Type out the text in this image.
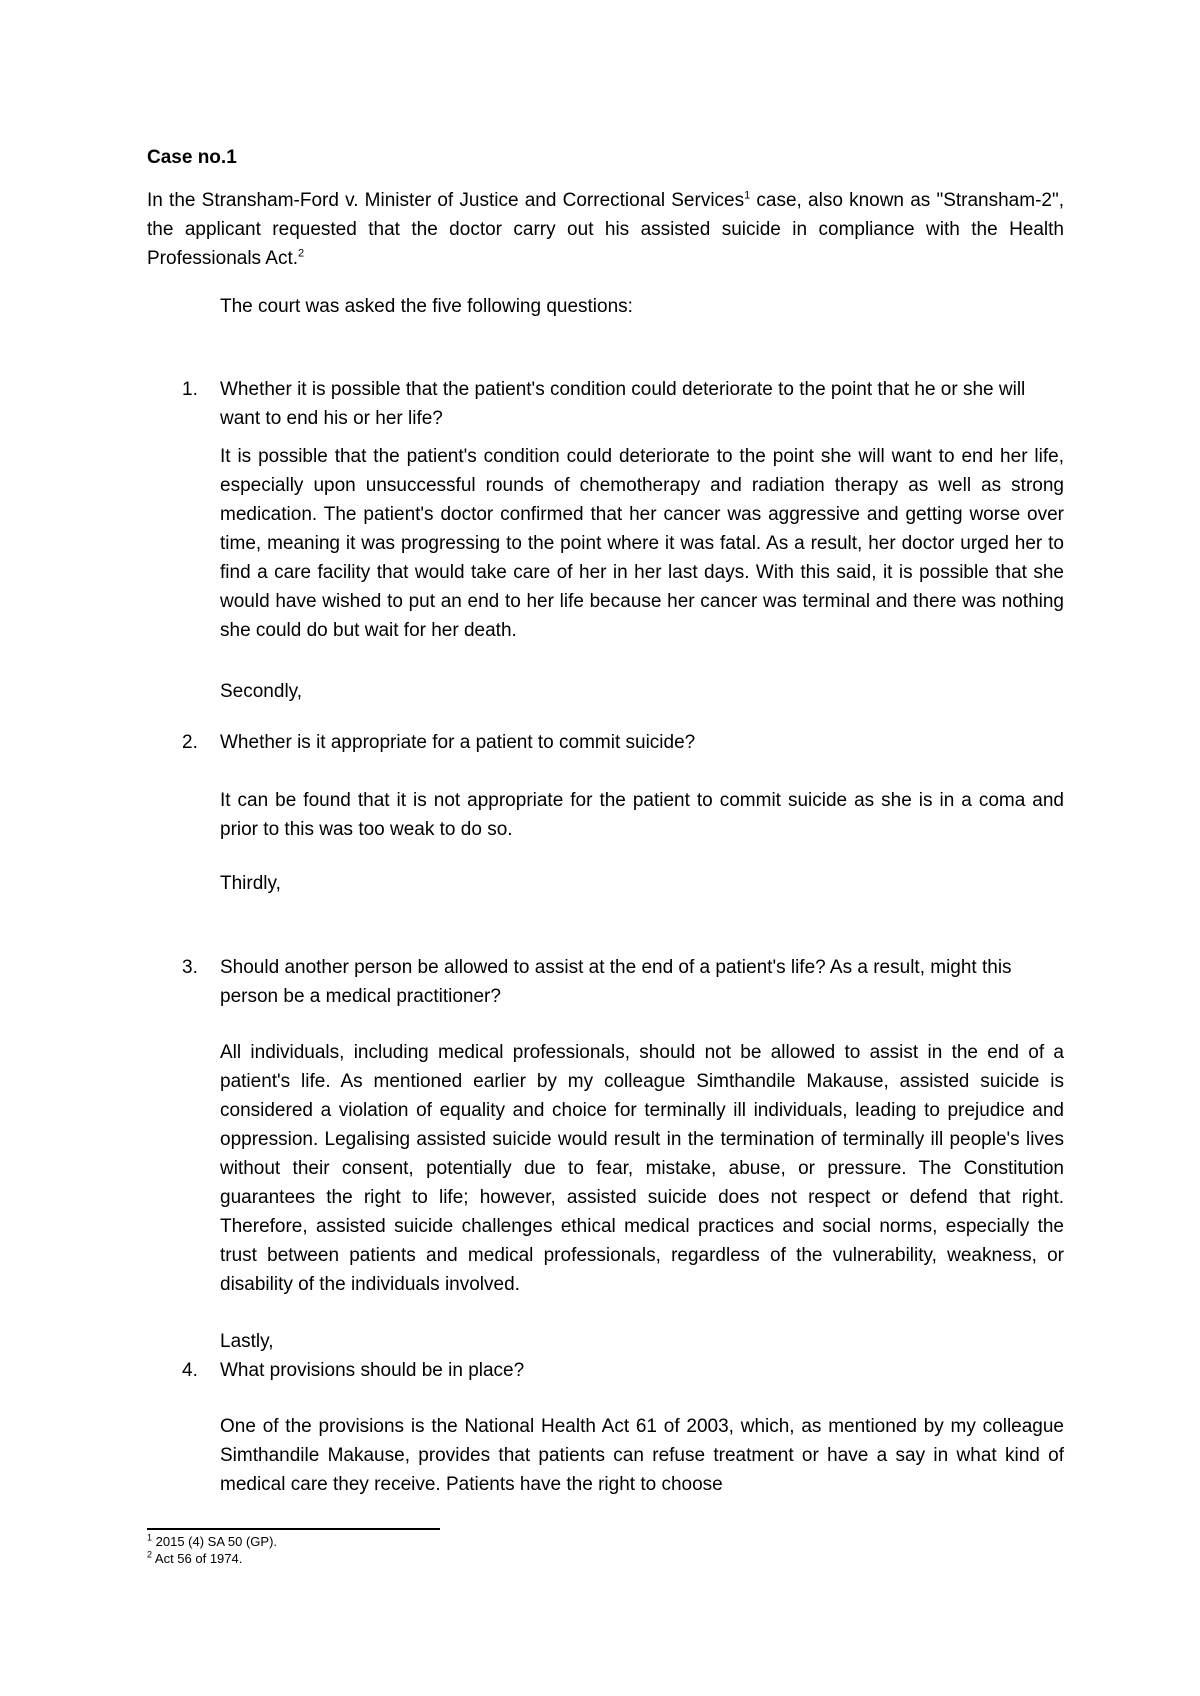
Case no.1

In the Stransham-Ford v. Minister of Justice and Correctional Services$^1$ case, also known as "Stransham-2", the applicant requested that the doctor carry out his assisted suicide in compliance with the Health Professionals Act.$^2$

The court was asked the five following questions:

1. Whether it is possible that the patient's condition could deteriorate to the point that he or she will want to end his or her life?

It is possible that the patient's condition could deteriorate to the point she will want to end her life, especially upon unsuccessful rounds of chemotherapy and radiation therapy as well as strong medication. The patient's doctor confirmed that her cancer was aggressive and getting worse over time, meaning it was progressing to the point where it was fatal. As a result, her doctor urged her to find a care facility that would take care of her in her last days. With this said, it is possible that she would have wished to put an end to her life because her cancer was terminal and there was nothing she could do but wait for her death.

Secondly,

2. Whether is it appropriate for a patient to commit suicide?

It can be found that it is not appropriate for the patient to commit suicide as she is in a coma and prior to this was too weak to do so.

Thirdly,

3. Should another person be allowed to assist at the end of a patient's life? As a result, might this person be a medical practitioner?

All individuals, including medical professionals, should not be allowed to assist in the end of a patient's life. As mentioned earlier by my colleague Simthandile Makause, assisted suicide is considered a violation of equality and choice for terminally ill individuals, leading to prejudice and oppression. Legalising assisted suicide would result in the termination of terminally ill people's lives without their consent, potentially due to fear, mistake, abuse, or pressure. The Constitution guarantees the right to life; however, assisted suicide does not respect or defend that right. Therefore, assisted suicide challenges ethical medical practices and social norms, especially the trust between patients and medical professionals, regardless of the vulnerability, weakness, or disability of the individuals involved.

Lastly,

4. What provisions should be in place?

One of the provisions is the National Health Act 61 of 2003, which, as mentioned by my colleague Simthandile Makause, provides that patients can refuse treatment or have a say in what kind of medical care they receive. Patients have the right to choose

$^1$ 2015 (4) SA 50 (GP).
$^2$ Act 56 of 1974.
